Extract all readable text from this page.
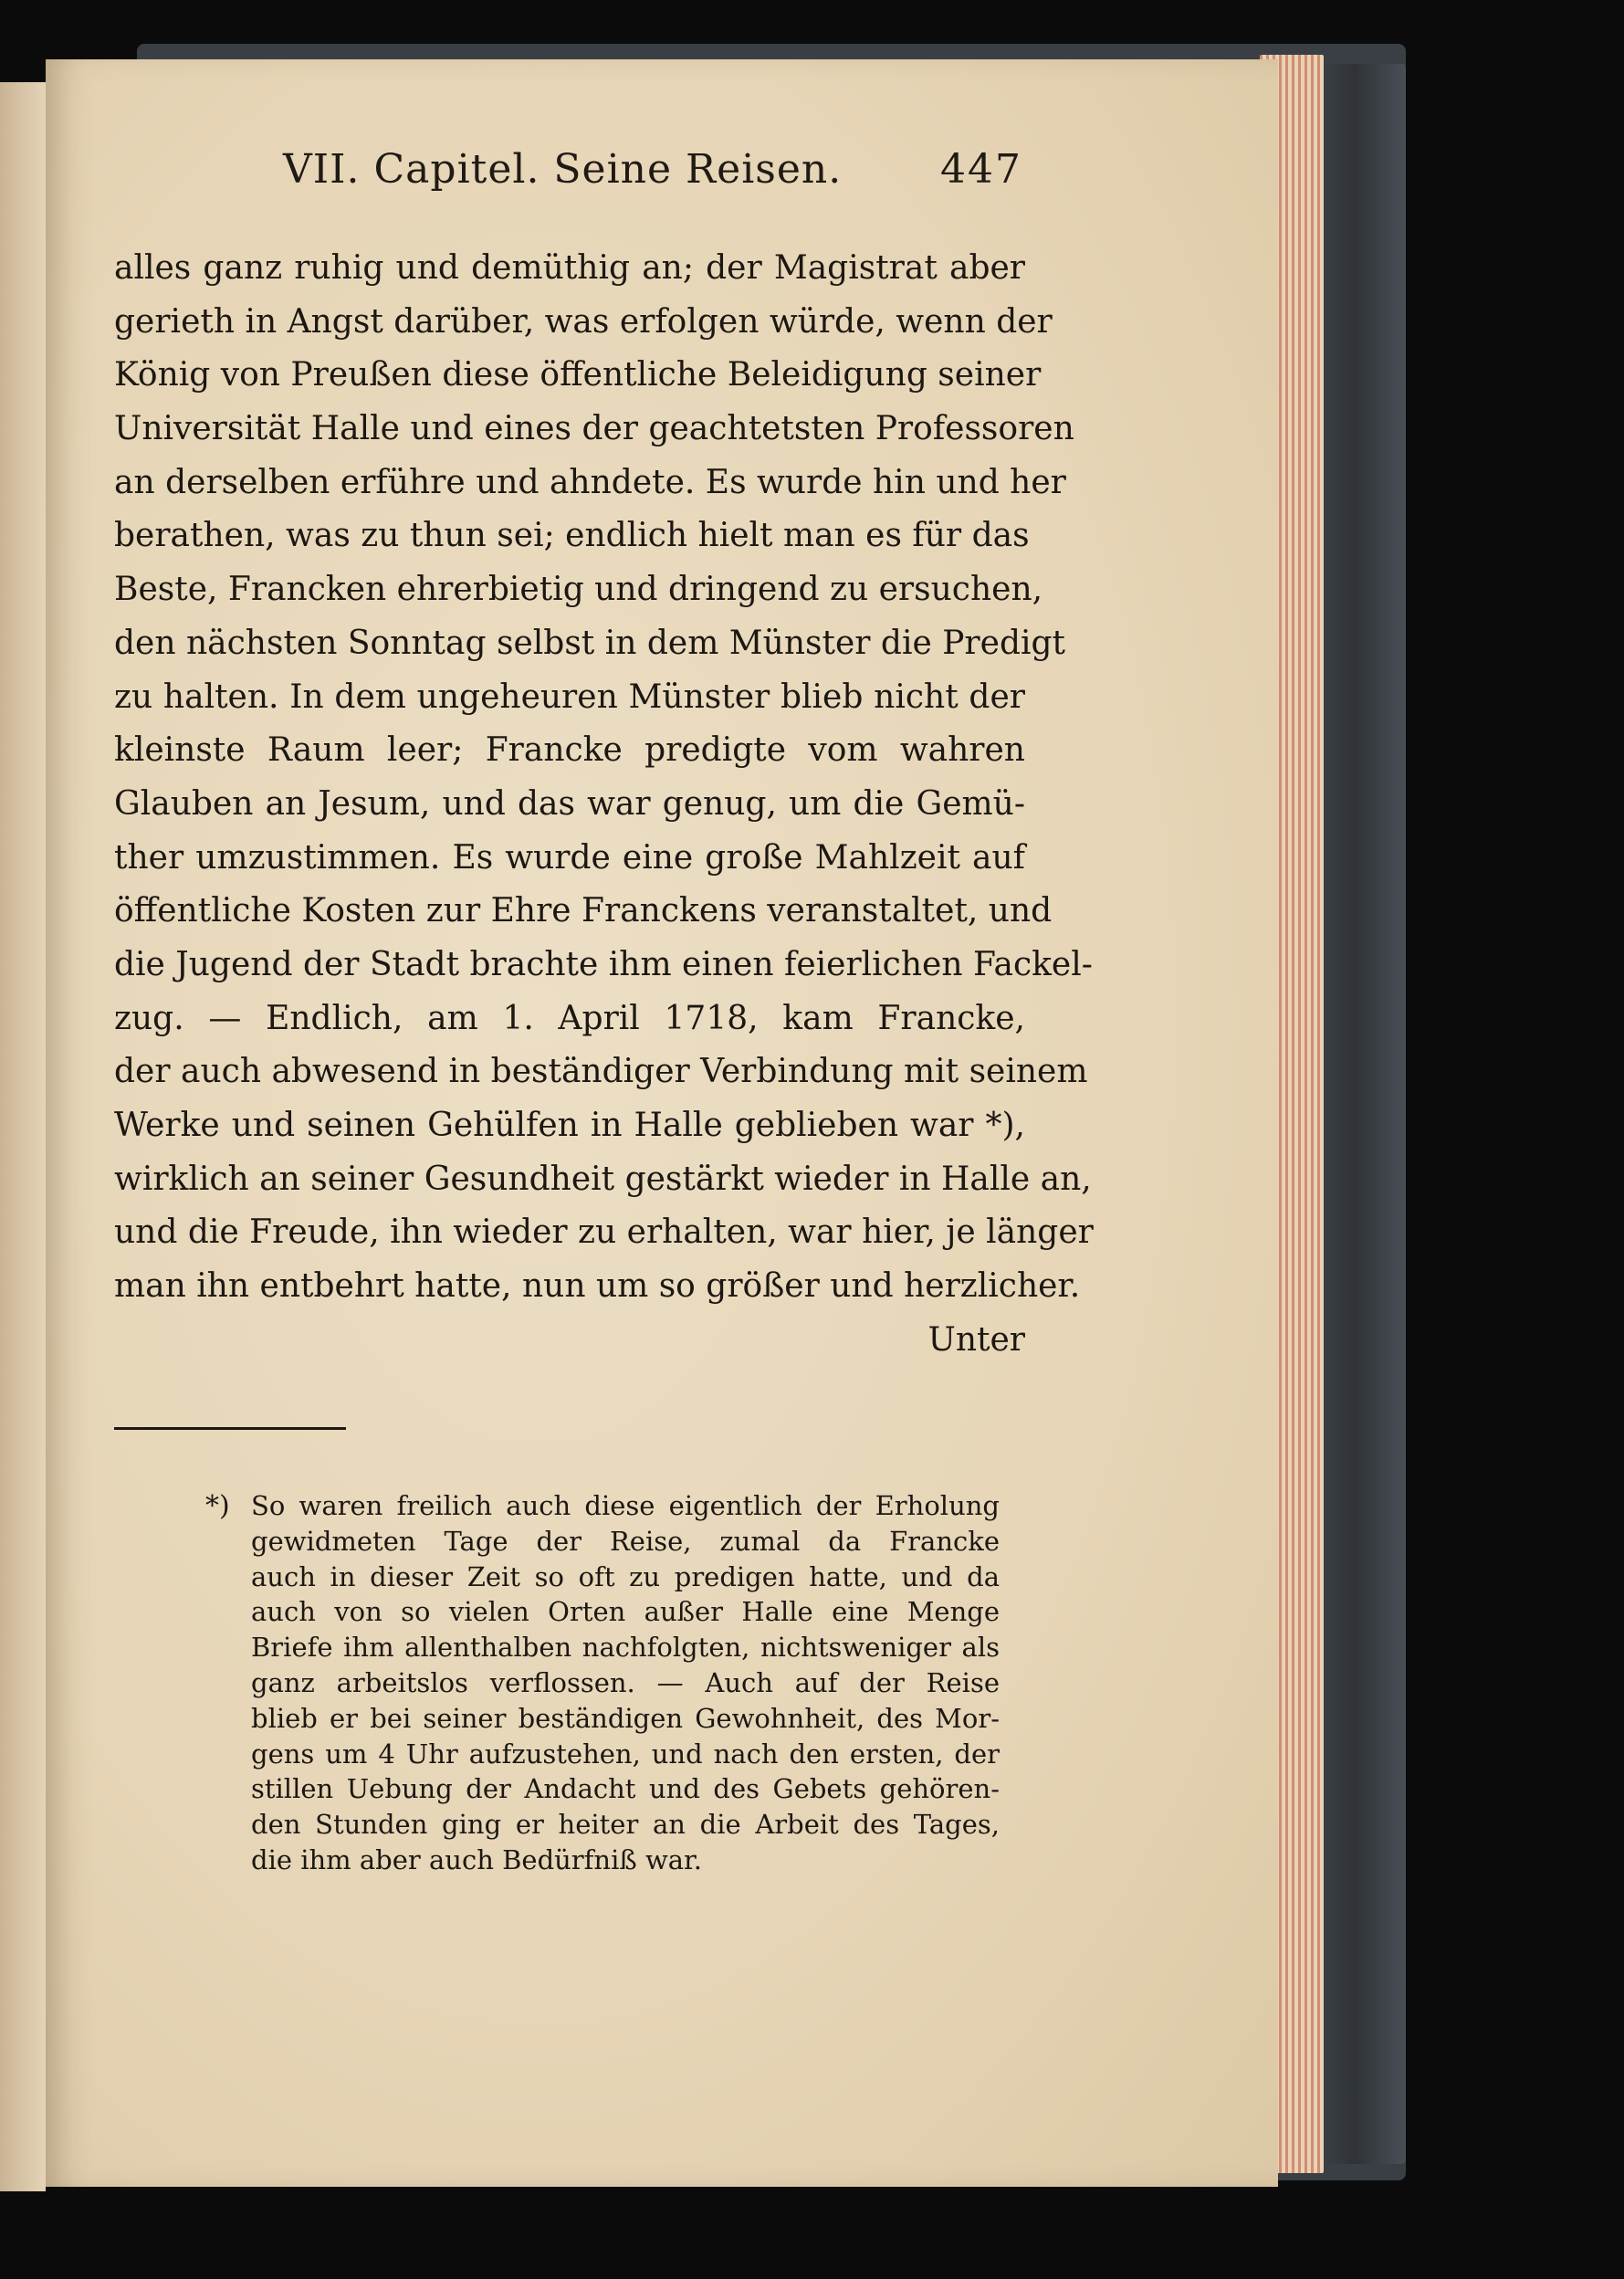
VII. Capitel. Seine Reisen. 447
alles ganz ruhig und demüthig an; der Magistrat aber
gerieth in Angst darüber, was erfolgen würde, wenn der
König von Preußen diese öffentliche Beleidigung seiner
Universität Halle und eines der geachtetsten Professoren
an derselben erführe und ahndete. Es wurde hin und her
berathen, was zu thun sei; endlich hielt man es für das
Beste, Francken ehrerbietig und dringend zu ersuchen,
den nächsten Sonntag selbst in dem Münster die Predigt
zu halten. In dem ungeheuren Münster blieb nicht der
kleinste Raum leer; Francke predigte vom wahren
Glauben an Jesum, und das war genug, um die Gemü-
ther umzustimmen. Es wurde eine große Mahlzeit auf
öffentliche Kosten zur Ehre Franckens veranstaltet, und
die Jugend der Stadt brachte ihm einen feierlichen Fackel-
zug. — Endlich, am 1. April 1718, kam Francke,
der auch abwesend in beständiger Verbindung mit seinem
Werke und seinen Gehülfen in Halle geblieben war *),
wirklich an seiner Gesundheit gestärkt wieder in Halle an,
und die Freude, ihn wieder zu erhalten, war hier, je länger
man ihn entbehrt hatte, nun um so größer und herzlicher.
Unter
*) So waren freilich auch diese eigentlich der Erholung
gewidmeten Tage der Reise, zumal da Francke
auch in dieser Zeit so oft zu predigen hatte, und da
auch von so vielen Orten außer Halle eine Menge
Briefe ihm allenthalben nachfolgten, nichtsweniger als
ganz arbeitslos verflossen. — Auch auf der Reise
blieb er bei seiner beständigen Gewohnheit, des Mor-
gens um 4 Uhr aufzustehen, und nach den ersten, der
stillen Uebung der Andacht und des Gebets gehören-
den Stunden ging er heiter an die Arbeit des Tages,
die ihm aber auch Bedürfniß war.
